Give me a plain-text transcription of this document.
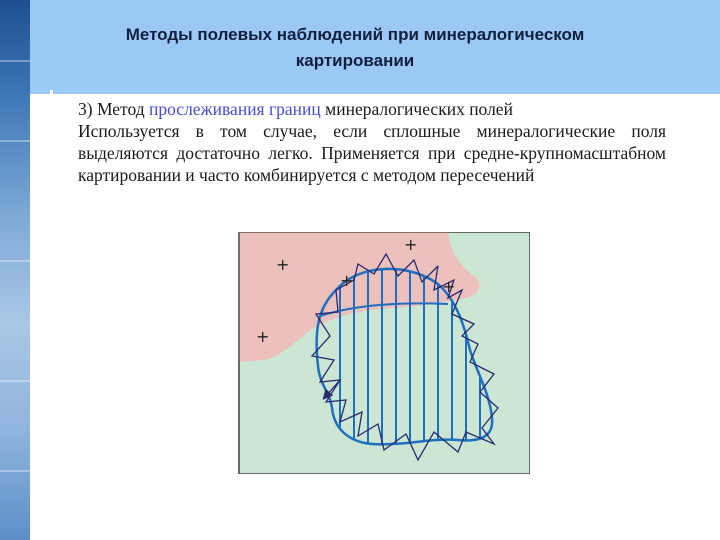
Методы полевых наблюдений при минералогическом картировании
3) Метод прослеживания границ минералогических полей
Используется в том случае, если сплошные минералогические поля выделяются достаточно легко. Применяется при средне-крупномасштабном картировании и часто комбинируется с методом пересечений
+
+
+	+
+
